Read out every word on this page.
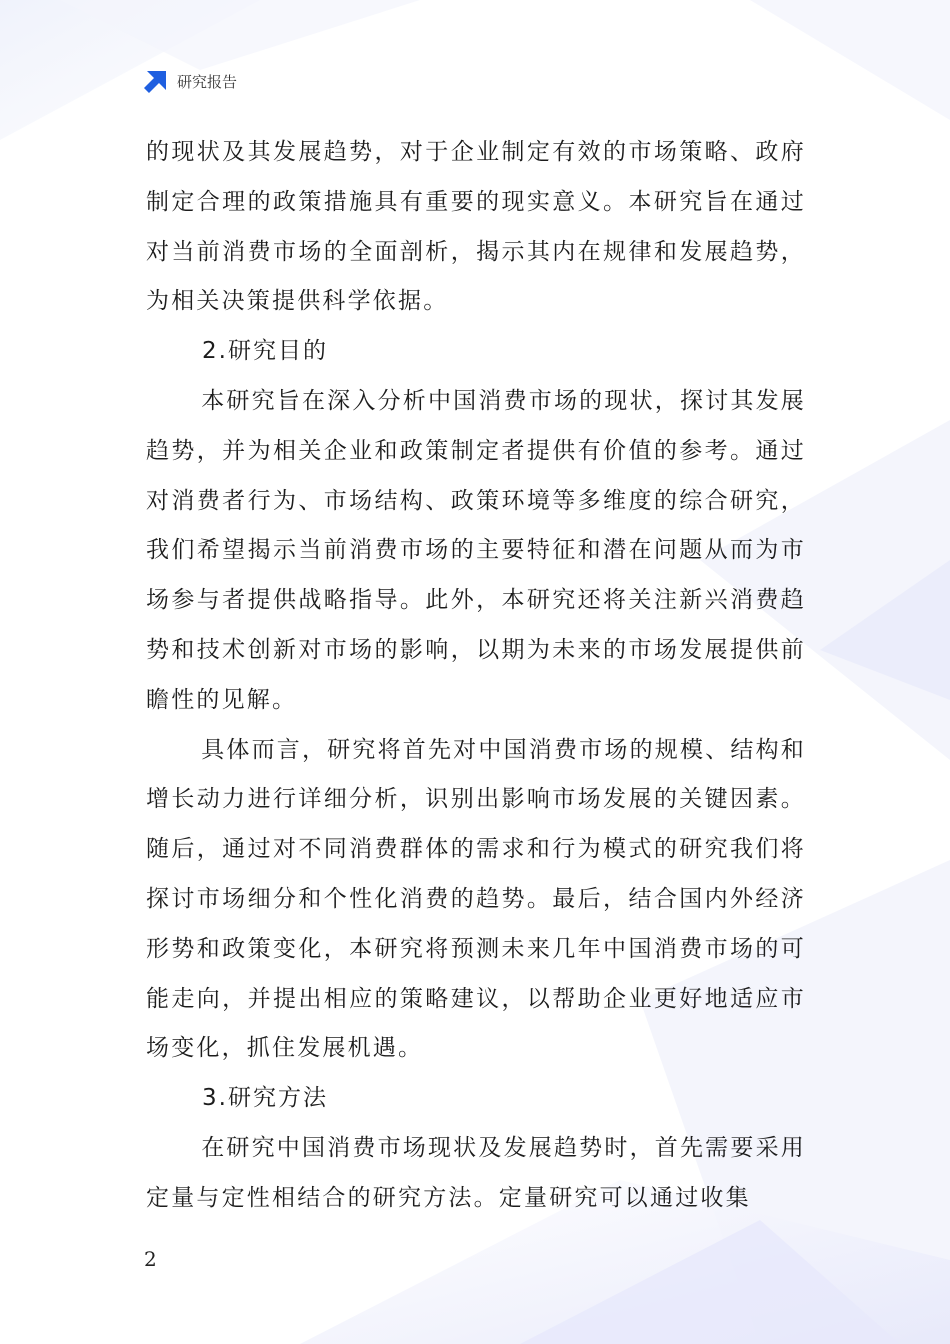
研究报告

的现状及其发展趋势，对于企业制定有效的市场策略、政府制定合理的政策措施具有重要的现实意义。本研究旨在通过对当前消费市场的全面剖析，揭示其内在规律和发展趋势，为相关决策提供科学依据。

2.研究目的

本研究旨在深入分析中国消费市场的现状，探讨其发展趋势，并为相关企业和政策制定者提供有价值的参考。通过对消费者行为、市场结构、政策环境等多维度的综合研究，我们希望揭示当前消费市场的主要特征和潜在问题从而为市场参与者提供战略指导。此外，本研究还将关注新兴消费趋势和技术创新对市场的影响，以期为未来的市场发展提供前瞻性的见解。

具体而言，研究将首先对中国消费市场的规模、结构和增长动力进行详细分析，识别出影响市场发展的关键因素。随后，通过对不同消费群体的需求和行为模式的研究我们将探讨市场细分和个性化消费的趋势。最后，结合国内外经济形势和政策变化，本研究将预测未来几年中国消费市场的可能走向，并提出相应的策略建议，以帮助企业更好地适应市场变化，抓住发展机遇。

3.研究方法

在研究中国消费市场现状及发展趋势时，首先需要采用定量与定性相结合的研究方法。定量研究可以通过收集

2
